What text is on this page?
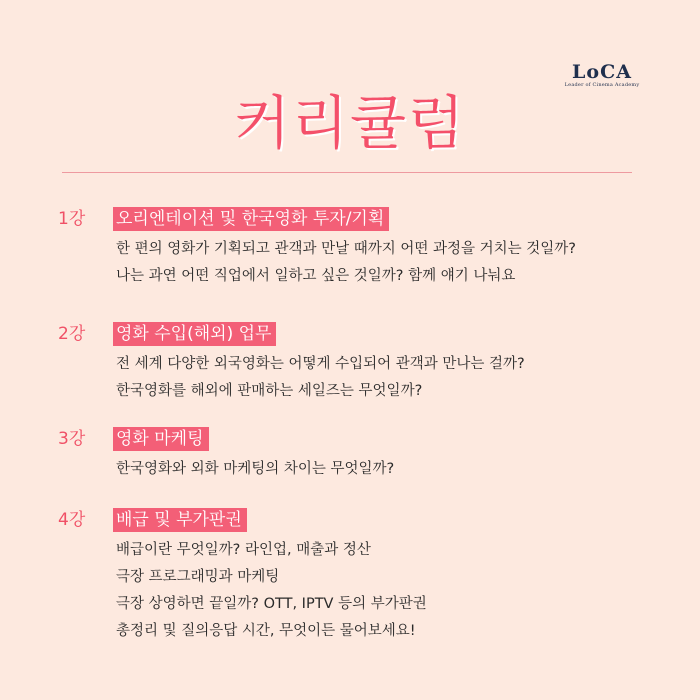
LoCA
Leader of Cinema Academy
커리큘럼
1강	오리엔테이션 및 한국영화 투자/기획
한 편의 영화가 기획되고 관객과 만날 때까지 어떤 과정을 거치는 것일까?
나는 과연 어떤 직업에서 일하고 싶은 것일까? 함께 얘기 나눠요
2강	영화 수입(해외) 업무
전 세계 다양한 외국영화는 어떻게 수입되어 관객과 만나는 걸까?
한국영화를 해외에 판매하는 세일즈는 무엇일까?
3강	영화 마케팅
한국영화와 외화 마케팅의 차이는 무엇일까?
4강	배급 및 부가판권
배급이란 무엇일까? 라인업, 매출과 정산
극장 프로그래밍과 마케팅
극장 상영하면 끝일까? OTT, IPTV 등의 부가판권
총정리 및 질의응답 시간, 무엇이든 물어보세요!
